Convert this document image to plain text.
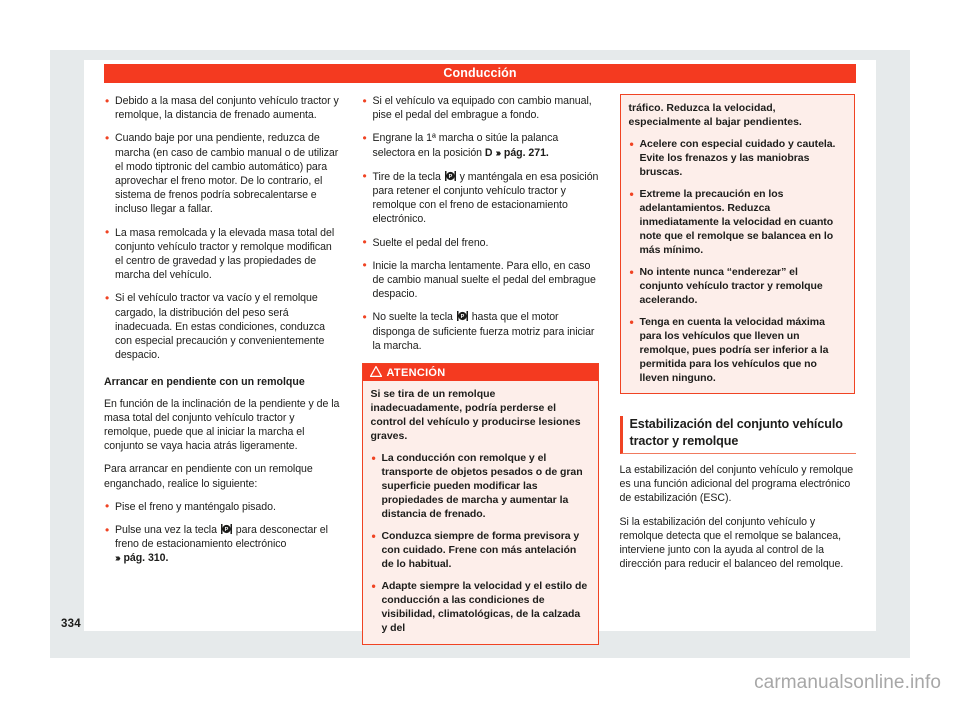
334
Conducción

• Debido a la masa del conjunto vehículo tractor y remolque, la distancia de frenado aumenta.

• Cuando baje por una pendiente, reduzca de marcha (en caso de cambio manual o de utilizar el modo tiptronic del cambio automático) para aprovechar el freno motor. De lo contrario, el sistema de frenos podría sobrecalentarse e incluso llegar a fallar.

• La masa remolcada y la elevada masa total del conjunto vehículo tractor y remolque modifican el centro de gravedad y las propiedades de marcha del vehículo.

• Si el vehículo tractor va vacío y el remolque cargado, la distribución del peso será inadecuada. En estas condiciones, conduzca con especial precaución y convenientemente despacio.

Arrancar en pendiente con un remolque

En función de la inclinación de la pendiente y de la masa total del conjunto vehículo tractor y remolque, puede que al iniciar la marcha el conjunto se vaya hacia atrás ligeramente.

Para arrancar en pendiente con un remolque enganchado, realice lo siguiente:

• Pise el freno y manténgalo pisado.

• Pulse una vez la tecla P para desconectar el freno de estacionamiento electrónico
››› pág. 310.

• Si el vehículo va equipado con cambio manual, pise el pedal del embrague a fondo.

• Engrane la 1ª marcha o sitúe la palanca selectora en la posición D ››› pág. 271.

• Tire de la tecla P y manténgala en esa posición para retener el conjunto vehículo tractor y remolque con el freno de estacionamiento electrónico.

• Suelte el pedal del freno.

• Inicie la marcha lentamente. Para ello, en caso de cambio manual suelte el pedal del embrague despacio.

• No suelte la tecla P hasta que el motor disponga de suficiente fuerza motriz para iniciar la marcha.

ATENCIÓN

Si se tira de un remolque inadecuadamente, podría perderse el control del vehículo y producirse lesiones graves.

• La conducción con remolque y el transporte de objetos pesados o de gran superficie pueden modificar las propiedades de marcha y aumentar la distancia de frenado.

• Conduzca siempre de forma previsora y con cuidado. Frene con más antelación de lo habitual.

• Adapte siempre la velocidad y el estilo de conducción a las condiciones de visibilidad, climatológicas, de la calzada y del

tráfico. Reduzca la velocidad, especialmente al bajar pendientes.

• Acelere con especial cuidado y cautela. Evite los frenazos y las maniobras bruscas.

• Extreme la precaución en los adelantamientos. Reduzca inmediatamente la velocidad en cuanto note que el remolque se balancea en lo más mínimo.

• No intente nunca “enderezar” el conjunto vehículo tractor y remolque acelerando.

• Tenga en cuenta la velocidad máxima para los vehículos que lleven un remolque, pues podría ser inferior a la permitida para los vehículos que no lleven ninguno.

Estabilización del conjunto vehículo tractor y remolque

La estabilización del conjunto vehículo y remolque es una función adicional del programa electrónico de estabilización (ESC).

Si la estabilización del conjunto vehículo y remolque detecta que el remolque se balancea, interviene junto con la ayuda al control de la dirección para reducir el balanceo del remolque.

carmanualsonline.info
